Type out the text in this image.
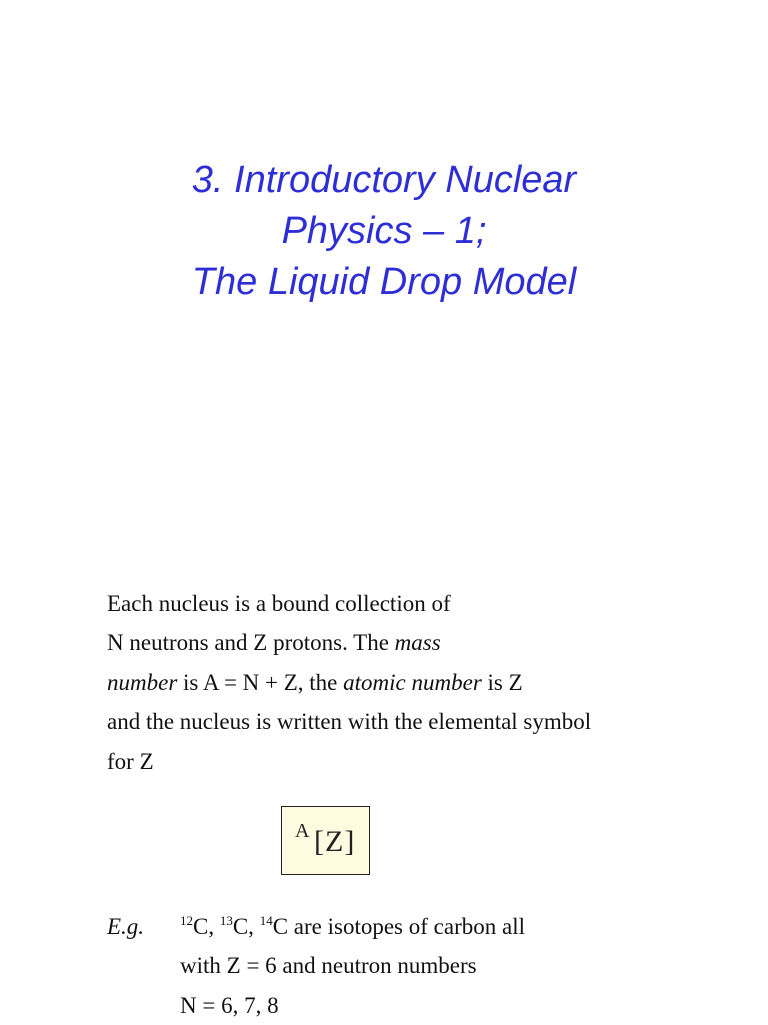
3. Introductory Nuclear
Physics – 1;
The Liquid Drop Model
Each nucleus is a bound collection of
N neutrons and Z protons. The mass
number is A = N + Z, the atomic number is Z
and the nucleus is written with the elemental symbol
for Z
A [Z]
E.g.	$^{12}$C, $^{13}$C, $^{14}$C are isotopes of carbon all
with Z = 6 and neutron numbers
N = 6, 7, 8
